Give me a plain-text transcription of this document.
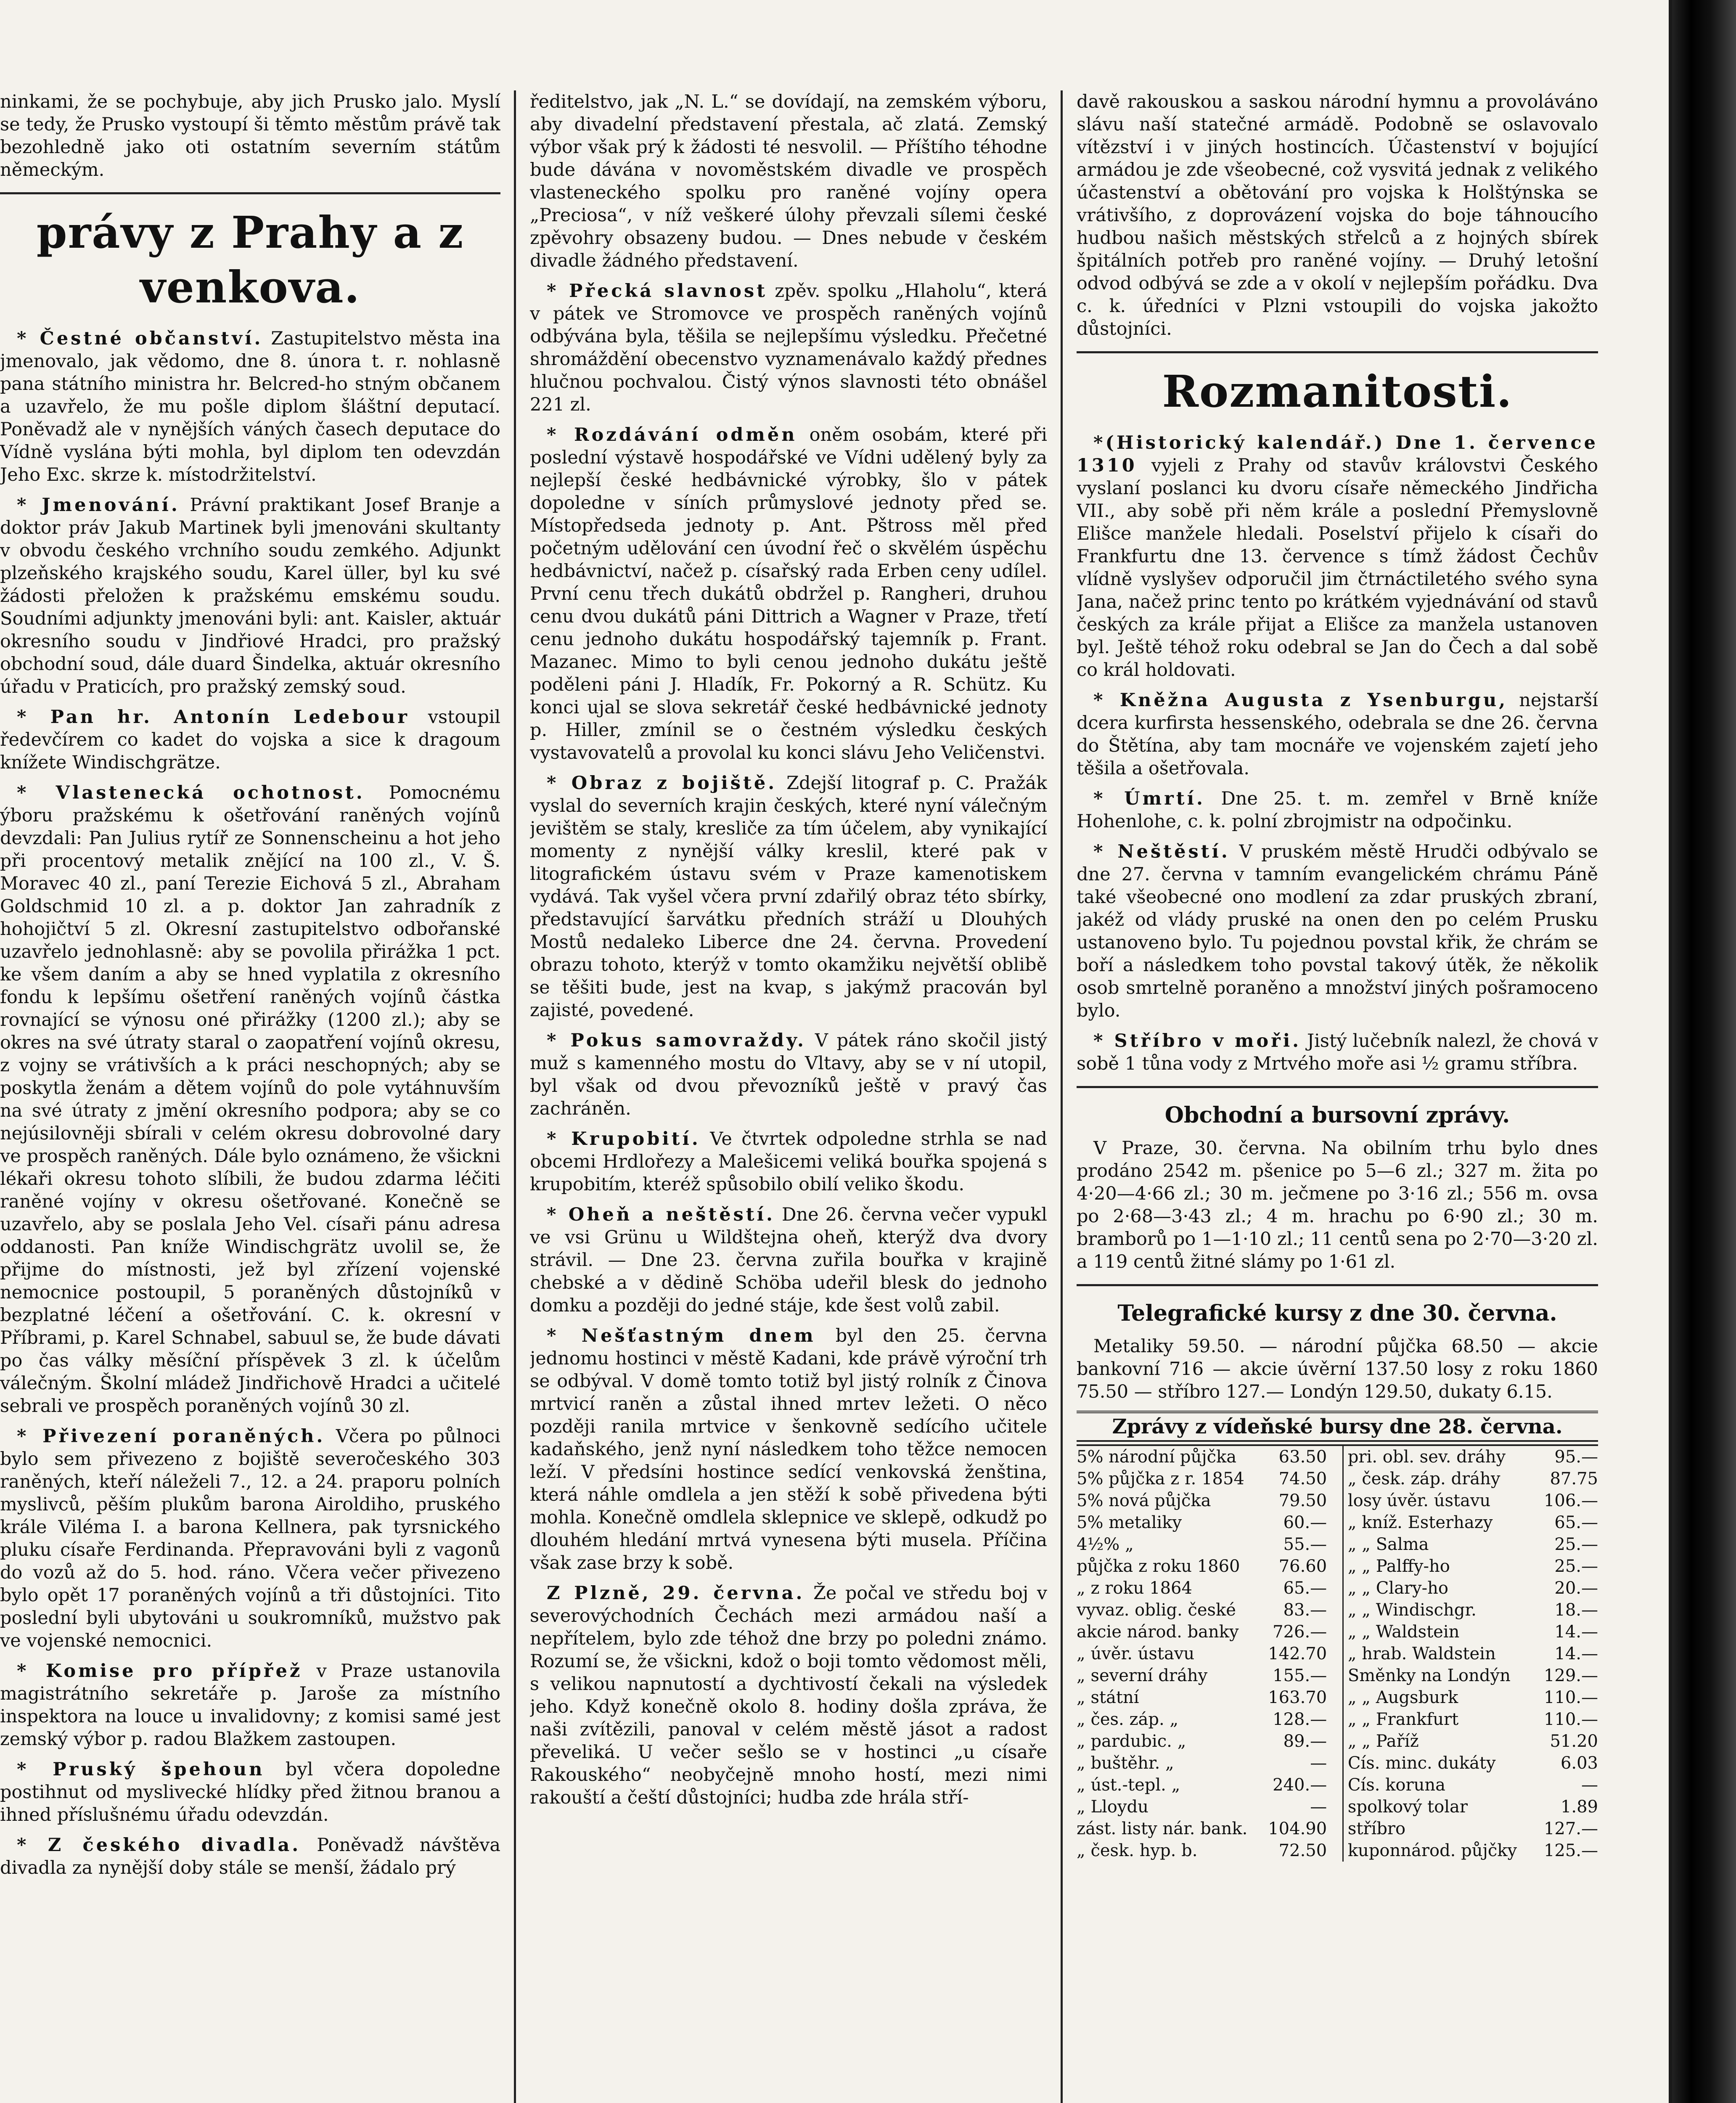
ninkami, že se pochybuje, aby jich Prusko jalo. Myslí se tedy, že Prusko vystoupí ši těmto městům právě tak bezohledně jako oti ostatním severním státům německým.

právy z Prahy a z venkova.

* Čestné občanství. Zastupitelstvo města ina jmenovalo, jak vědomo, dne 8. února t. r. nohlasně pana státního ministra hr. Belcred-ho stným občanem a uzavřelo, že mu pošle diplom šláštní deputací. Poněvadž ale v nynějších váných časech deputace do Vídně vyslána býti mohla, byl diplom ten odevzdán Jeho Exc. skrze k. místodržitelství.

* Jmenování. Právní praktikant Josef Branje a doktor práv Jakub Martinek byli jmenováni skultanty v obvodu českého vrchního soudu zemkého. Adjunkt plzeňského krajského soudu, Karel üller, byl ku své žádosti přeložen k pražskému emskému soudu. Soudními adjunkty jmenováni byli: ant. Kaisler, aktuár okresního soudu v Jindřiové Hradci, pro pražský obchodní soud, dále duard Šindelka, aktuár okresního úřadu v Praticích, pro pražský zemský soud.

* Pan hr. Antonín Ledebour vstoupil ředevčírem co kadet do vojska a sice k dragoum knížete Windischgrätze.

* Vlastenecká ochotnost. Pomocnému ýboru pražskému k ošetřování raněných vojínů devzdali: Pan Julius rytíř ze Sonnenscheinu a hot jeho při procentový metalik znějící na 100 zl., V. Š. Moravec 40 zl., paní Terezie Eichová 5 zl., Abraham Goldschmid 10 zl. a p. doktor Jan zahradník z hohojičtví 5 zl. Okresní zastupitelstvo odbořanské uzavřelo jednohlasně: aby se povolila přirážka 1 pct. ke všem daním a aby se hned vyplatila z okresního fondu k lepšímu ošetření raněných vojínů částka rovnající se výnosu oné přirážky (1200 zl.); aby se okres na své útraty staral o zaopatření vojínů okresu, z vojny se vrátivších a k práci neschopných; aby se poskytla ženám a dětem vojínů do pole vytáhnuvším na své útraty z jmění okresního podpora; aby se co nejúsilovněji sbírali v celém okresu dobrovolné dary ve prospěch raněných. Dále bylo oznámeno, že všickni lékaři okresu tohoto slíbili, že budou zdarma léčiti raněné vojíny v okresu ošetřované. Konečně se uzavřelo, aby se poslala Jeho Vel. císaři pánu adresa oddanosti. Pan kníže Windischgrätz uvolil se, že přijme do místnosti, jež byl zřízení vojenské nemocnice postoupil, 5 poraněných důstojníků v bezplatné léčení a ošetřování. C. k. okresní v Příbrami, p. Karel Schnabel, sabuul se, že bude dávati po čas války měsíční příspěvek 3 zl. k účelům válečným. Školní mládež Jindřichově Hradci a učitelé sebrali ve prospěch poraněných vojínů 30 zl.

* Přivezení poraněných. Včera po půlnoci bylo sem přivezeno z bojiště severočeského 303 raněných, kteří náleželi 7., 12. a 24. praporu polních myslivců, pěším plukům barona Airoldiho, pruského krále Viléma I. a barona Kellnera, pak tyrsnického pluku císaře Ferdinanda. Přepravováni byli z vagonů do vozů až do 5. hod. ráno. Včera večer přivezeno bylo opět 17 poraněných vojínů a tři důstojníci. Tito poslední byli ubytováni u soukromníků, mužstvo pak ve vojenské nemocnici.

* Komise pro přípřež v Praze ustanovila magistrátního sekretáře p. Jaroše za místního inspektora na louce u invalidovny; z komisi samé jest zemský výbor p. radou Blažkem zastoupen.

* Pruský špehoun byl včera dopoledne postihnut od myslivecké hlídky před žitnou branou a ihned příslušnému úřadu odevzdán.

* Z českého divadla. Poněvadž návštěva divadla za nynější doby stále se menší, žádalo prý

ředitelstvo, jak „N. L.“ se dovídají, na zemském výboru, aby divadelní představení přestala, ač zlatá. Zemský výbor však prý k žádosti té nesvolil. — Příštího téhodne bude dávána v novoměstském divadle ve prospěch vlasteneckého spolku pro raněné vojíny opera „Preciosa“, v níž veškeré úlohy převzali sílemi české zpěvohry obsazeny budou. — Dnes nebude v českém divadle žádného představení.

* Přecká slavnost zpěv. spolku „Hlaholu“, která v pátek ve Stromovce ve prospěch raněných vojínů odbývána byla, těšila se nejlepšímu výsledku. Přečetné shromáždění obecenstvo vyznamenávalo každý přednes hlučnou pochvalou. Čistý výnos slavnosti této obnášel 221 zl.

* Rozdávání odměn oněm osobám, které při poslední výstavě hospodářské ve Vídni udělený byly za nejlepší české hedbávnické výrobky, šlo v pátek dopoledne v síních průmyslové jednoty před se. Místopředseda jednoty p. Ant. Pštross měl před početným udělování cen úvodní řeč o skvělém úspěchu hedbávnictví, načež p. císařský rada Erben ceny udílel. První cenu třech dukátů obdržel p. Rangheri, druhou cenu dvou dukátů páni Dittrich a Wagner v Praze, třetí cenu jednoho dukátu hospodářský tajemník p. Frant. Mazanec. Mimo to byli cenou jednoho dukátu ještě poděleni páni J. Hladík, Fr. Pokorný a R. Schütz. Ku konci ujal se slova sekretář české hedbávnické jednoty p. Hiller, zmínil se o čestném výsledku českých vystavovatelů a provolal ku konci slávu Jeho Veličenstvi.

* Obraz z bojiště. Zdejší litograf p. C. Pražák vyslal do severních krajin českých, které nyní válečným jevištěm se staly, kresliče za tím účelem, aby vynikající momenty z nynější války kreslil, které pak v litografickém ústavu svém v Praze kamenotiskem vydává. Tak vyšel včera první zdařilý obraz této sbírky, představující šarvátku předních stráží u Dlouhých Mostů nedaleko Liberce dne 24. června. Provedení obrazu tohoto, kterýž v tomto okamžiku největší oblibě se těšiti bude, jest na kvap, s jakýmž pracován byl zajisté, povedené.

* Pokus samovraždy. V pátek ráno skočil jistý muž s kamenného mostu do Vltavy, aby se v ní utopil, byl však od dvou převozníků ještě v pravý čas zachráněn.

* Krupobití. Ve čtvrtek odpoledne strhla se nad obcemi Hrdlořezy a Malešicemi veliká bouřka spojená s krupobitím, kteréž spůsobilo obilí veliko škodu.

* Oheň a neštěstí. Dne 26. června večer vypukl ve vsi Grünu u Wildštejna oheň, kterýž dva dvory strávil. — Dne 23. června zuřila bouřka v krajině chebské a v dědině Schöba udeřil blesk do jednoho domku a později do jedné stáje, kde šest volů zabil.

* Nešťastným dnem byl den 25. června jednomu hostinci v městě Kadani, kde právě výroční trh se odbýval. V domě tomto totiž byl jistý rolník z Činova mrtvicí raněn a zůstal ihned mrtev ležeti. O něco později ranila mrtvice v šenkovně sedícího učitele kadaňského, jenž nyní následkem toho těžce nemocen leží. V předsíni hostince sedící venkovská ženština, která náhle omdlela a jen stěží k sobě přivedena býti mohla. Konečně omdlela sklepnice ve sklepě, odkudž po dlouhém hledání mrtvá vynesena býti musela. Příčina však zase brzy k sobě.

Z Plzně, 29. června. Že počal ve středu boj v severovýchodních Čechách mezi armádou naší a nepřítelem, bylo zde téhož dne brzy po poledni známo. Rozumí se, že všickni, kdož o boji tomto vědomost měli, s velikou napnutostí a dychtivostí čekali na výsledek jeho. Když konečně okolo 8. hodiny došla zpráva, že naši zvítězili, panoval v celém městě jásot a radost převeliká. U večer sešlo se v hostinci „u císaře Rakouského“ neobyčejně mnoho hostí, mezi nimi rakouští a čeští důstojníci; hudba zde hrála stří-

davě rakouskou a saskou národní hymnu a provoláváno slávu naší statečné armádě. Podobně se oslavovalo vítězství i v jiných hostincích. Účastenství v bojující armádou je zde všeobecné, což vysvitá jednak z velikého účastenství a obětování pro vojska k Holštýnska se vrátivšího, z doprovázení vojska do boje táhnoucího hudbou našich městských střelců a z hojných sbírek špitálních potřeb pro raněné vojíny. — Druhý letošní odvod odbývá se zde a v okolí v nejlepším pořádku. Dva c. k. úředníci v Plzni vstoupili do vojska jakožto důstojníci.

Rozmanitosti.

*(Historický kalendář.) Dne 1. července 1310 vyjeli z Prahy od stavův královstvi Českého vyslaní poslanci ku dvoru císaře německého Jindřicha VII., aby sobě při něm krále a poslední Přemyslovně Elišce manžele hledali. Poselství přijelo k císaři do Frankfurtu dne 13. července s tímž žádost Čechův vlídně vyslyšev odporučil jim čtrnáctiletého svého syna Jana, načež princ tento po krátkém vyjednávání od stavů českých za krále přijat a Elišce za manžela ustanoven byl. Ještě téhož roku odebral se Jan do Čech a dal sobě co král holdovati.

* Kněžna Augusta z Ysenburgu, nejstarší dcera kurfirsta hessenského, odebrala se dne 26. června do Štětína, aby tam mocnáře ve vojenském zajetí jeho těšila a ošetřovala.

* Úmrtí. Dne 25. t. m. zemřel v Brně kníže Hohenlohe, c. k. polní zbrojmistr na odpočinku.

* Neštěstí. V pruském městě Hrudči odbývalo se dne 27. června v tamním evangelickém chrámu Páně také všeobecné ono modlení za zdar pruských zbraní, jakéž od vlády pruské na onen den po celém Prusku ustanoveno bylo. Tu pojednou povstal křik, že chrám se boří a následkem toho povstal takový útěk, že několik osob smrtelně poraněno a množství jiných pošramoceno bylo.

* Stříbro v moři. Jistý lučebník nalezl, že chová v sobě 1 tůna vody z Mrtvého moře asi ½ gramu stříbra.

Obchodní a bursovní zprávy.

V Praze, 30. června. Na obilním trhu bylo dnes prodáno 2542 m. pšenice po 5—6 zl.; 327 m. žita po 4·20—4·66 zl.; 30 m. ječmene po 3·16 zl.; 556 m. ovsa po 2·68—3·43 zl.; 4 m. hrachu po 6·90 zl.; 30 m. bramborů po 1—1·10 zl.; 11 centů sena po 2·70—3·20 zl. a 119 centů žitné slámy po 1·61 zl.

Telegrafické kursy z dne 30. června.

Metaliky 59.50. — národní půjčka 68.50 — akcie bankovní 716 — akcie úvěrní 137.50 losy z roku 1860 75.50 — stříbro 127.— Londýn 129.50, dukaty 6.15.

Zprávy z vídeňské bursy dne 28. června.
5% národní půjčka	63.50 pri. obl. sev. dráhy	95.—
5% půjčka z r. 1854 74.50 „ česk. záp. dráhy	87.75
5% nová půjčka	79.50 losy úvěr. ústavu	106.—
5% metaliky	60.— „ kníž. Esterhazy	65.—
4½% „	55.— „ „ Salma	25.—
půjčka z roku 1860 76.60 „ „ Palffy-ho	25.—
„ z roku 1864	65.— „ „ Clary-ho	20.—
vyvaz. oblig. české	83.— „ „ Windischgr.	18.—
akcie národ. banky 726.— „ „ Waldstein	14.—
„ úvěr. ústavu	142.70 „ hrab. Waldstein	14.—
„ severní dráhy	155.— Směnky na Londýn 129.—
„ státní	163.70 „ „ Augsburk	110.—
„ čes. záp. „	128.— „ „ Frankfurt	110.—
„ pardubic. „	89.— „ „ Paříž	51.20
„ buštěhr. „	— Cís. minc. dukáty	6.03
„ úst.-tepl. „	240.— Cís. koruna	—
„ Lloydu	— spolkový tolar	1.89
zást. listy nár. bank. 104.90 stříbro	127.—
„ česk. hyp. b.	72.50 kuponnárod. půjčky 125.—
